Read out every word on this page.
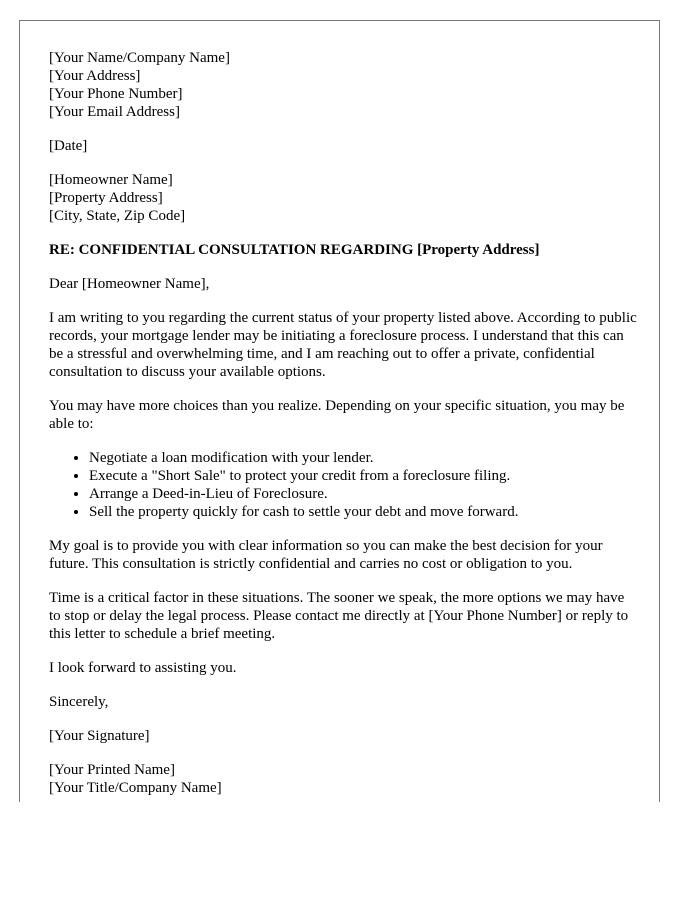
[Your Name/Company Name]
[Your Address]
[Your Phone Number]
[Your Email Address]
[Date]
[Homeowner Name]
[Property Address]
[City, State, Zip Code]
RE: CONFIDENTIAL CONSULTATION REGARDING [Property Address]

Dear [Homeowner Name],

I am writing to you regarding the current status of your property listed above. According to public records, your mortgage lender may be initiating a foreclosure process. I understand that this can be a stressful and overwhelming time, and I am reaching out to offer a private, confidential consultation to discuss your available options.

You may have more choices than you realize. Depending on your specific situation, you may be able to:

• Negotiate a loan modification with your lender.
• Execute a "Short Sale" to protect your credit from a foreclosure filing.
• Arrange a Deed-in-Lieu of Foreclosure.
• Sell the property quickly for cash to settle your debt and move forward.

My goal is to provide you with clear information so you can make the best decision for your future. This consultation is strictly confidential and carries no cost or obligation to you.

Time is a critical factor in these situations. The sooner we speak, the more options we may have to stop or delay the legal process. Please contact me directly at [Your Phone Number] or reply to this letter to schedule a brief meeting.

I look forward to assisting you.

Sincerely,

[Your Signature]

[Your Printed Name]
[Your Title/Company Name]
